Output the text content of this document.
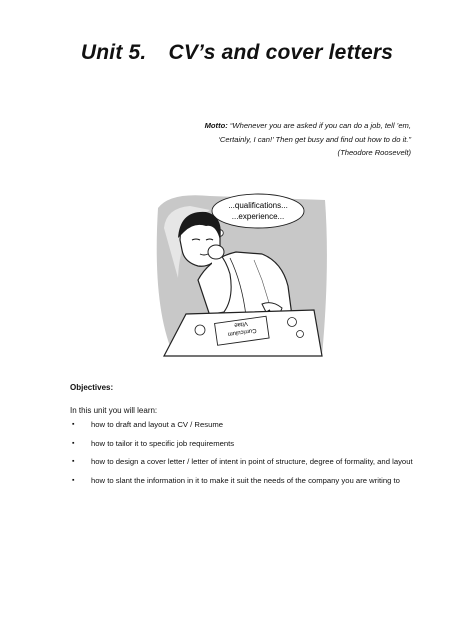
Unit 5. CV’s and cover letters
Motto: “Whenever you are asked if you can do a job, tell ’em,
‘Certainly, I can!’ Then get busy and find out how to do it.”
(Theodore Roosevelt)
...qualifications...
...experience...
Curriculum
Vitae
Objectives:
In this unit you will learn:
▪ how to draft and layout a CV / Resume
▪ how to tailor it to specific job requirements
▪ how to design a cover letter / letter of intent in point of structure, degree of formality, and layout
▪ how to slant the information in it to make it suit the needs of the company you are writing to
